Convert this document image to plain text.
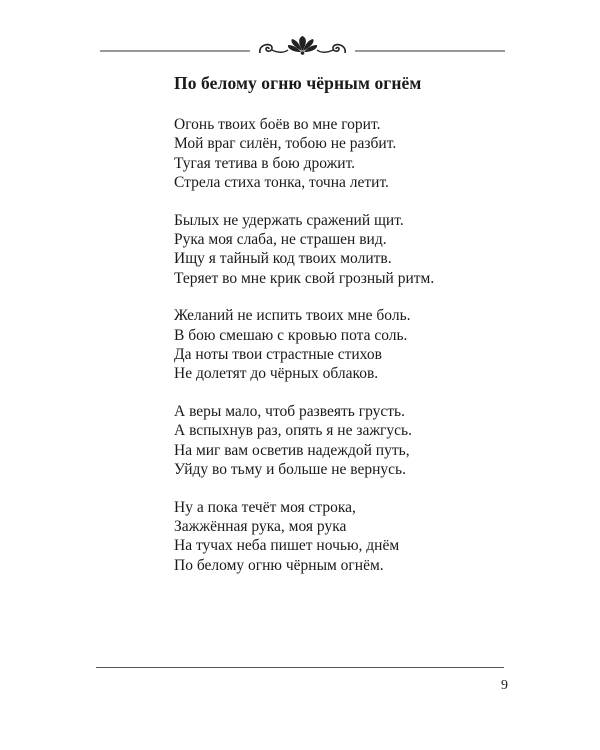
По белому огню чёрным огнём
Огонь твоих боёв во мне горит.
Мой враг силён, тобою не разбит.
Тугая тетива в бою дрожит.
Стрела стиха тонка, точна летит.
Былых не удержать сражений щит.
Рука моя слаба, не страшен вид.
Ищу я тайный код твоих молитв.
Теряет во мне крик свой грозный ритм.
Желаний не испить твоих мне боль.
В бою смешаю с кровью пота соль.
Да ноты твои страстные стихов
Не долетят до чёрных облаков.
А веры мало, чтоб развеять грусть.
А вспыхнув раз, опять я не зажгусь.
На миг вам осветив надеждой путь,
Уйду во тьму и больше не вернусь.
Ну а пока течёт моя строка,
Зажжённая рука, моя рука
На тучах неба пишет ночью, днём
По белому огню чёрным огнём.
9
